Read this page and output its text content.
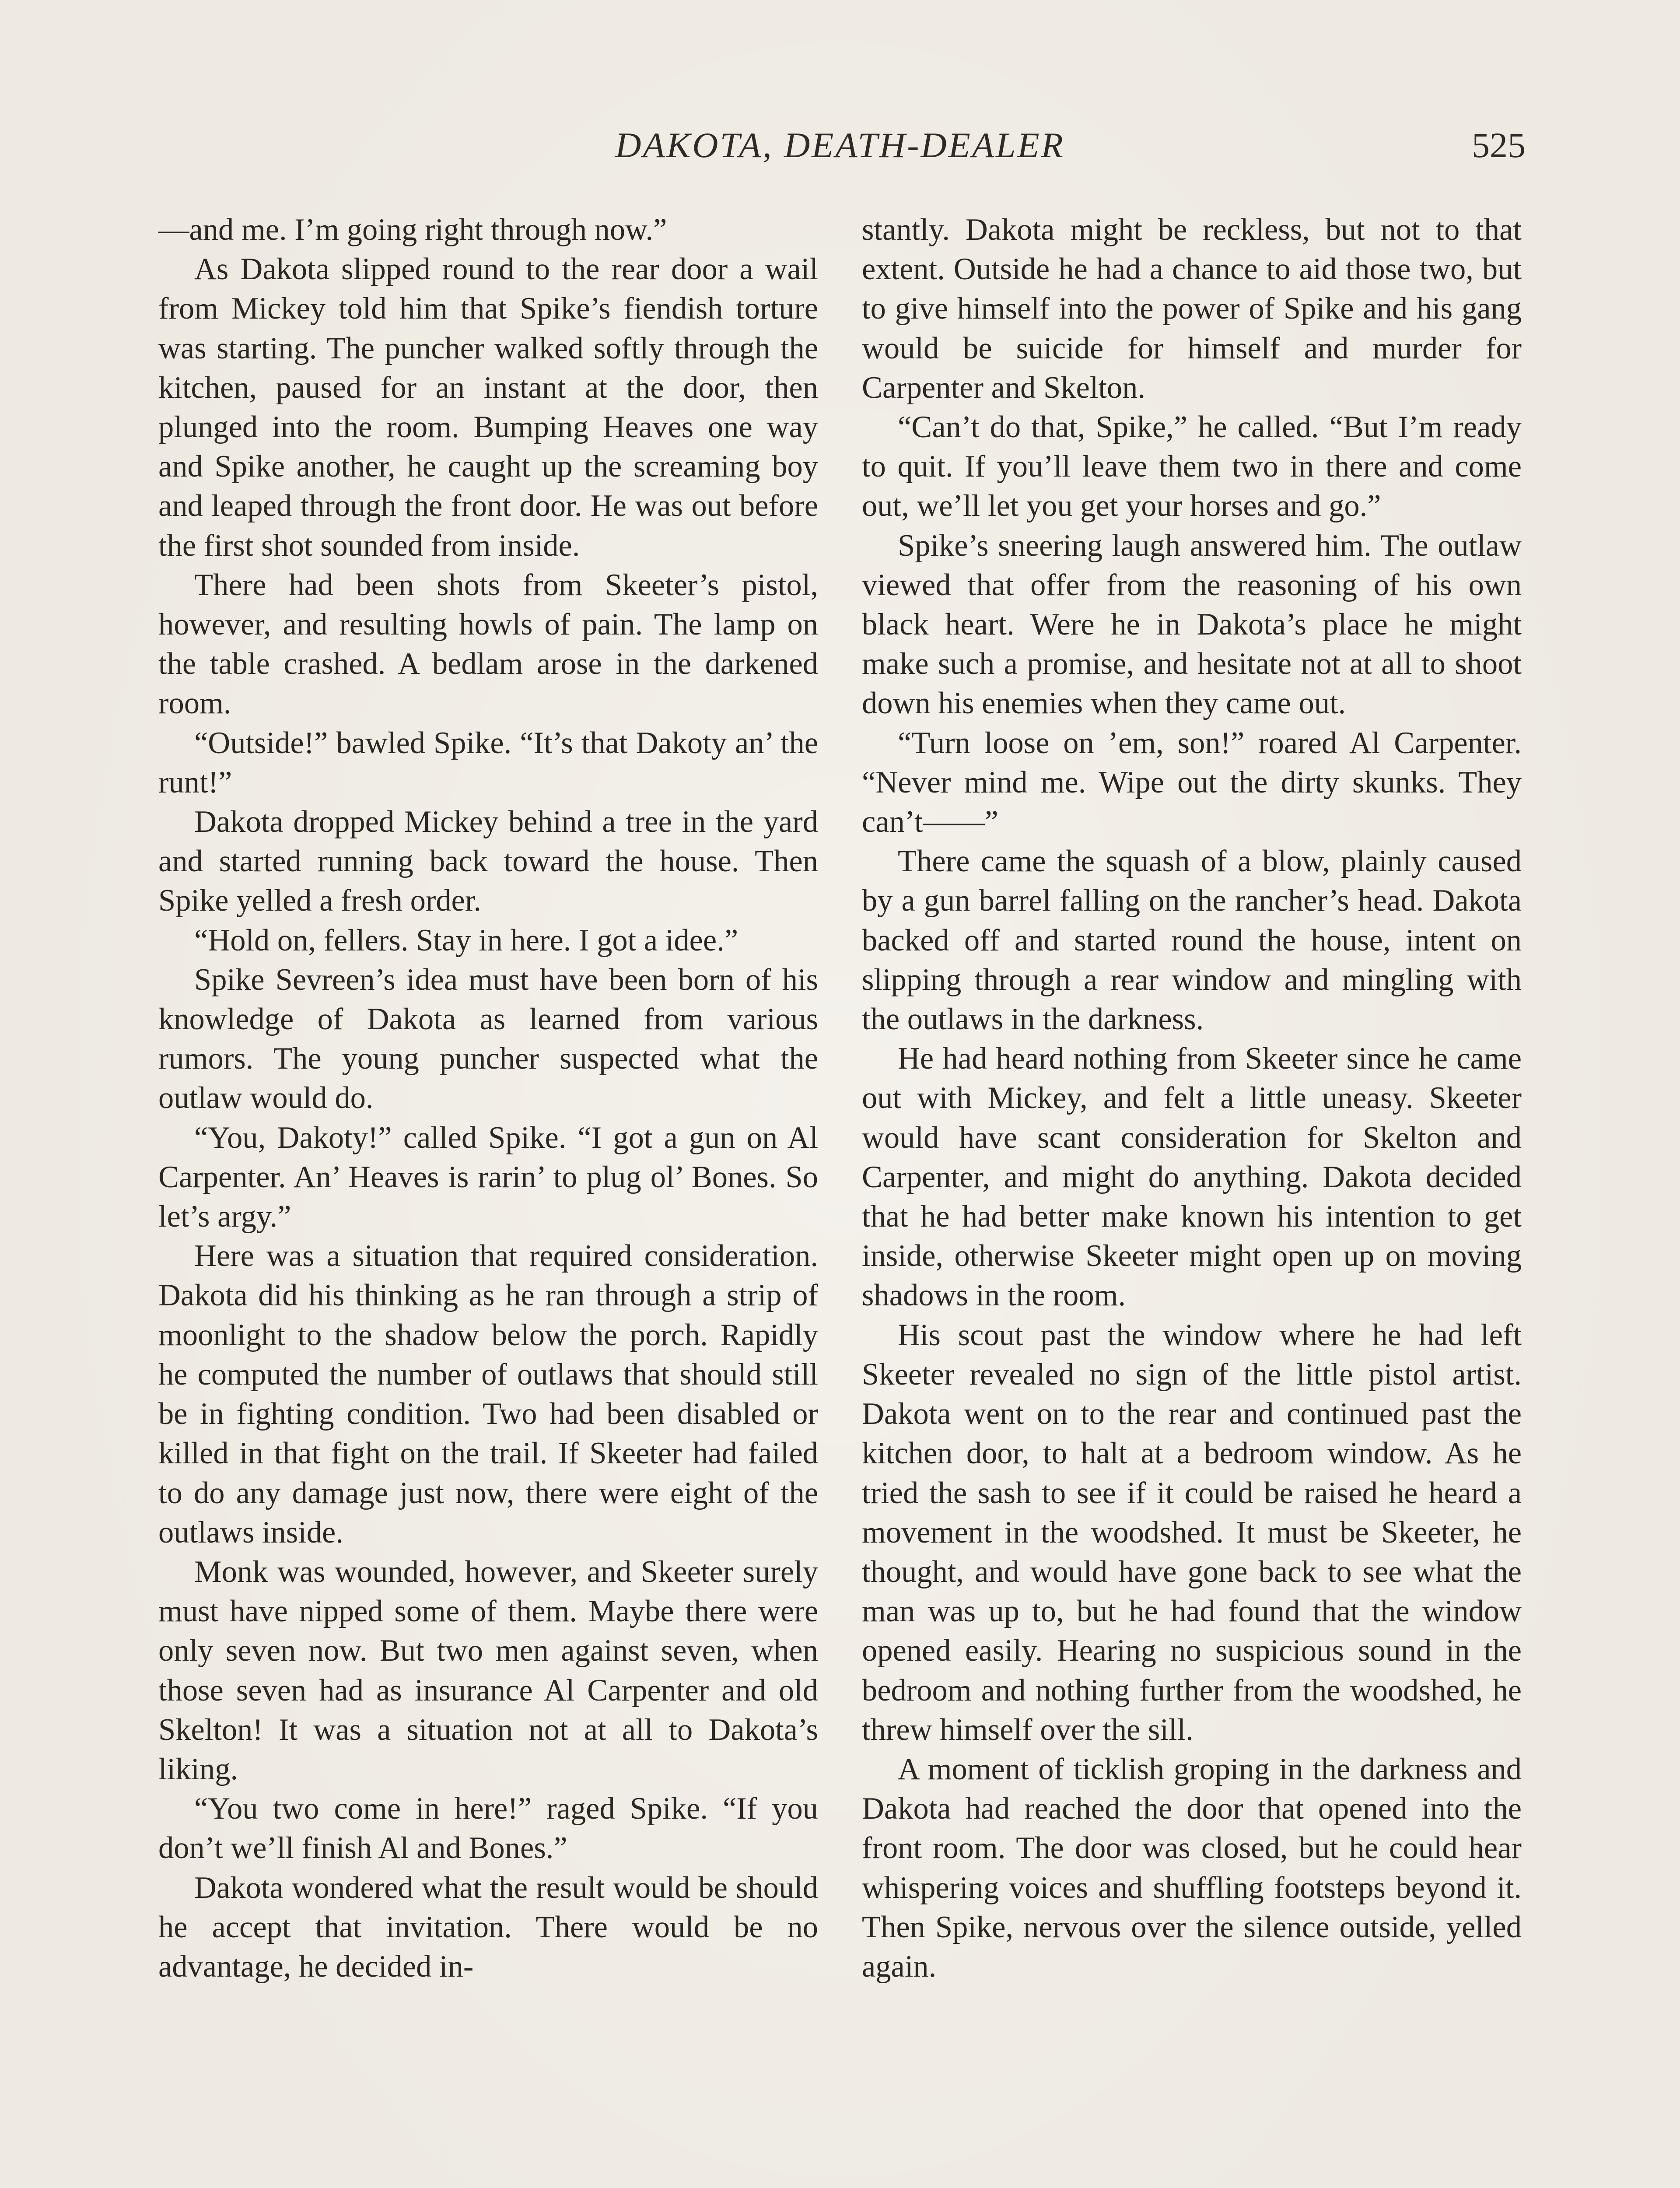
DAKOTA, DEATH-DEALER	525

—and me. I’m going right through now.”

As Dakota slipped round to the rear door a wail from Mickey told him that Spike’s fiendish torture was starting. The puncher walked softly through the kitchen, paused for an instant at the door, then plunged into the room. Bumping Heaves one way and Spike another, he caught up the screaming boy and leaped through the front door. He was out before the first shot sounded from inside.

There had been shots from Skeeter’s pistol, however, and resulting howls of pain. The lamp on the table crashed. A bedlam arose in the darkened room.

“Outside!” bawled Spike. “It’s that Dakoty an’ the runt!”

Dakota dropped Mickey behind a tree in the yard and started running back toward the house. Then Spike yelled a fresh order.

“Hold on, fellers. Stay in here. I got a idee.”

Spike Sevreen’s idea must have been born of his knowledge of Dakota as learned from various rumors. The young puncher suspected what the outlaw would do.

“You, Dakoty!” called Spike. “I got a gun on Al Carpenter. An’ Heaves is rarin’ to plug ol’ Bones. So let’s argy.”

Here was a situation that required consideration. Dakota did his thinking as he ran through a strip of moonlight to the shadow below the porch. Rapidly he computed the number of outlaws that should still be in fighting condition. Two had been disabled or killed in that fight on the trail. If Skeeter had failed to do any damage just now, there were eight of the outlaws inside.

Monk was wounded, however, and Skeeter surely must have nipped some of them. Maybe there were only seven now. But two men against seven, when those seven had as insurance Al Carpenter and old Skelton! It was a situation not at all to Dakota’s liking.

“You two come in here!” raged Spike. “If you don’t we’ll finish Al and Bones.”

Dakota wondered what the result would be should he accept that invitation. There would be no advantage, he decided in-

stantly. Dakota might be reckless, but not to that extent. Outside he had a chance to aid those two, but to give himself into the power of Spike and his gang would be suicide for himself and murder for Carpenter and Skelton.

“Can’t do that, Spike,” he called. “But I’m ready to quit. If you’ll leave them two in there and come out, we’ll let you get your horses and go.”

Spike’s sneering laugh answered him. The outlaw viewed that offer from the reasoning of his own black heart. Were he in Dakota’s place he might make such a promise, and hesitate not at all to shoot down his enemies when they came out.

“Turn loose on ’em, son!” roared Al Carpenter. “Never mind me. Wipe out the dirty skunks. They can’t——”

There came the squash of a blow, plainly caused by a gun barrel falling on the rancher’s head. Dakota backed off and started round the house, intent on slipping through a rear window and mingling with the outlaws in the darkness.

He had heard nothing from Skeeter since he came out with Mickey, and felt a little uneasy. Skeeter would have scant consideration for Skelton and Carpenter, and might do anything. Dakota decided that he had better make known his intention to get inside, otherwise Skeeter might open up on moving shadows in the room.

His scout past the window where he had left Skeeter revealed no sign of the little pistol artist. Dakota went on to the rear and continued past the kitchen door, to halt at a bedroom window. As he tried the sash to see if it could be raised he heard a movement in the woodshed. It must be Skeeter, he thought, and would have gone back to see what the man was up to, but he had found that the window opened easily. Hearing no suspicious sound in the bedroom and nothing further from the woodshed, he threw himself over the sill.

A moment of ticklish groping in the darkness and Dakota had reached the door that opened into the front room. The door was closed, but he could hear whispering voices and shuffling footsteps beyond it. Then Spike, nervous over the silence outside, yelled again.
